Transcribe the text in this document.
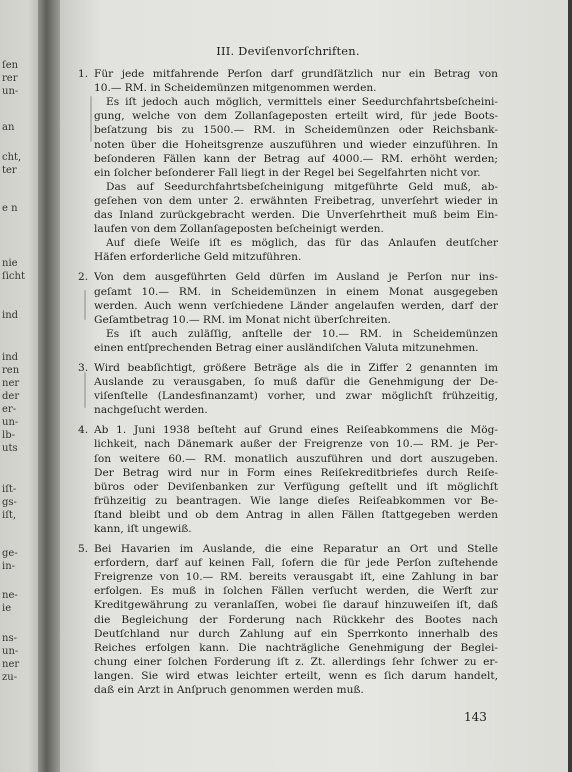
ſen
rer
un-
an
cht,
ter
e n
nie
ſicht
ind
ind
ren
ner
der
er-
un-
lb-
uts
iſt-
gs-
iſt,
ge-
in-
ne-
ie
ns-
un-
ner
zu-
III. Deviſenvorſchriften.
1. Für jede mitfahrende Perſon darf grundſätzlich nur ein Betrag von
10.— RM. in Scheidemünzen mitgenommen werden.
Es iſt jedoch auch möglich, vermittels einer Seedurchfahrtsbeſcheini-
gung, welche von dem Zollanſageposten erteilt wird, für jede Boots-
beſatzung bis zu 1500.— RM. in Scheidemünzen oder Reichsbank-
noten über die Hoheitsgrenze auszuführen und wieder einzuführen. In
beſonderen Fällen kann der Betrag auf 4000.— RM. erhöht werden;
ein ſolcher beſonderer Fall liegt in der Regel bei Segelfahrten nicht vor.
Das auf Seedurchfahrtsbeſcheinigung mitgeführte Geld muß, ab-
geſehen von dem unter 2. erwähnten Freibetrag, unverſehrt wieder in
das Inland zurückgebracht werden. Die Unverſehrtheit muß beim Ein-
laufen von dem Zollanſageposten beſcheinigt werden.
Auf dieſe Weiſe iſt es möglich, das für das Anlaufen deutſcher
Häfen erforderliche Geld mitzuführen.
2. Von dem ausgeführten Geld dürfen im Ausland je Perſon nur ins-
geſamt 10.— RM. in Scheidemünzen in einem Monat ausgegeben
werden. Auch wenn verſchiedene Länder angelaufen werden, darf der
Geſamtbetrag 10.— RM. im Monat nicht überſchreiten.
Es iſt auch zuläſſig, anſtelle der 10.— RM. in Scheidemünzen
einen entſprechenden Betrag einer ausländiſchen Valuta mitzunehmen.
3. Wird beabſichtigt, größere Beträge als die in Ziffer 2 genannten im
Auslande zu verausgaben, ſo muß dafür die Genehmigung der De-
viſenſtelle (Landesfinanzamt) vorher, und zwar möglichſt frühzeitig,
nachgeſucht werden.
4. Ab 1. Juni 1938 beſteht auf Grund eines Reiſeabkommens die Mög-
lichkeit, nach Dänemark außer der Freigrenze von 10.— RM. je Per-
ſon weitere 60.— RM. monatlich auszuführen und dort auszugeben.
Der Betrag wird nur in Form eines Reiſekreditbriefes durch Reiſe-
büros oder Deviſenbanken zur Verfügung geſtellt und iſt möglichſt
frühzeitig zu beantragen. Wie lange dieſes Reiſeabkommen vor Be-
ſtand bleibt und ob dem Antrag in allen Fällen ſtattgegeben werden
kann, iſt ungewiß.
5. Bei Havarien im Auslande, die eine Reparatur an Ort und Stelle
erfordern, darf auf keinen Fall, ſofern die für jede Perſon zuſtehende
Freigrenze von 10.— RM. bereits verausgabt iſt, eine Zahlung in bar
erfolgen. Es muß in ſolchen Fällen verſucht werden, die Werft zur
Kreditgewährung zu veranlaſſen, wobei ſie darauf hinzuweiſen iſt, daß
die Begleichung der Forderung nach Rückkehr des Bootes nach
Deutſchland nur durch Zahlung auf ein Sperrkonto innerhalb des
Reiches erfolgen kann. Die nachträgliche Genehmigung der Beglei-
chung einer ſolchen Forderung iſt z. Zt. allerdings ſehr ſchwer zu er-
langen. Sie wird etwas leichter erteilt, wenn es ſich darum handelt,
daß ein Arzt in Anſpruch genommen werden muß.
143
